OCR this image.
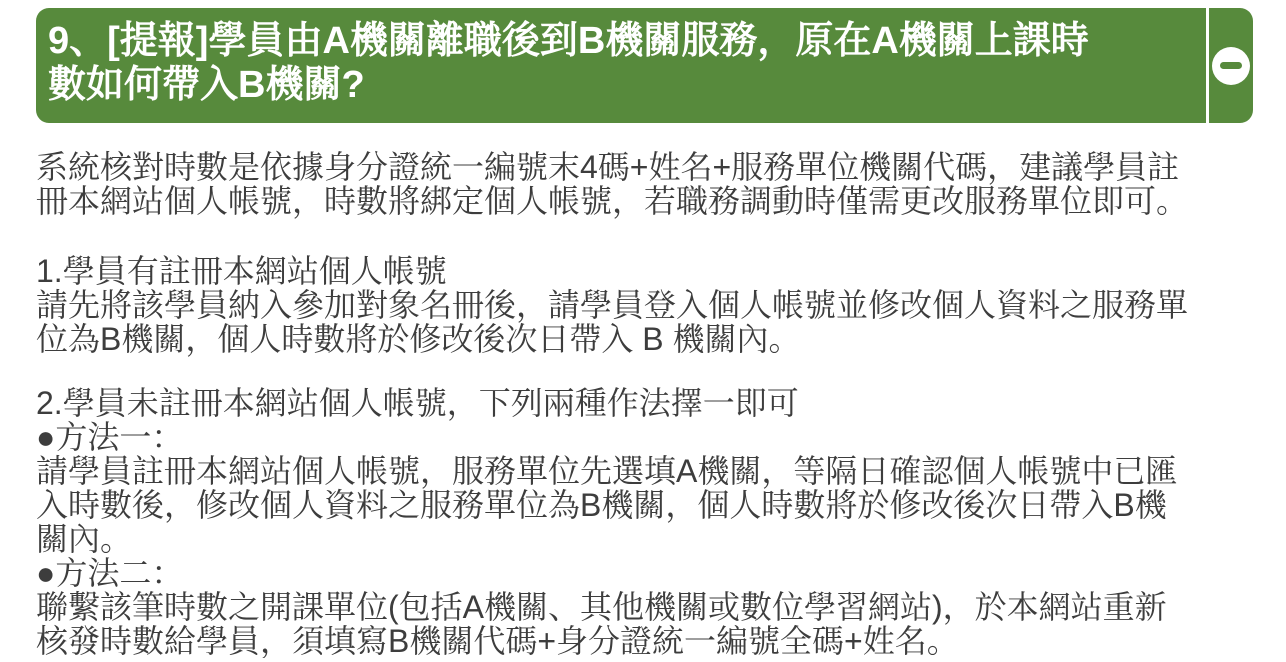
9、[提報]學員由A機關離職後到B機關服務，原在A機關上課時
數如何帶入B機關?
系統核對時數是依據身分證統一編號末4碼+姓名+服務單位機關代碼，建議學員註
冊本網站個人帳號，時數將綁定個人帳號，若職務調動時僅需更改服務單位即可。
1.學員有註冊本網站個人帳號
請先將該學員納入參加對象名冊後，請學員登入個人帳號並修改個人資料之服務單
位為B機關，個人時數將於修改後次日帶入 B 機關內。
2.學員未註冊本網站個人帳號，下列兩種作法擇一即可
●方法一：
請學員註冊本網站個人帳號，服務單位先選填A機關，等隔日確認個人帳號中已匯
入時數後，修改個人資料之服務單位為B機關，個人時數將於修改後次日帶入B機
關內。
●方法二：
聯繫該筆時數之開課單位(包括A機關、其他機關或數位學習網站)，於本網站重新
核發時數給學員，須填寫B機關代碼+身分證統一編號全碼+姓名。
